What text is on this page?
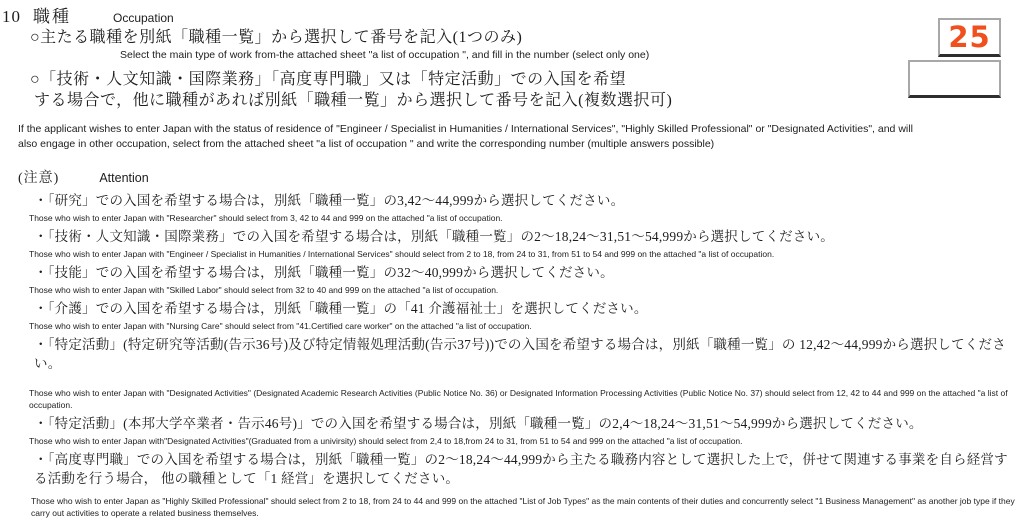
10 職種	Occupation
○主たる職種を別紙「職種一覧」から選択して番号を記入(1つのみ)
Select the main type of work from-the attached sheet "a list of occupation ", and fill in the number (select only one)
○「技術・人文知識・国際業務」「高度専門職」又は「特定活動」での入国を希望
する場合で，他に職種があれば別紙「職種一覧」から選択して番号を記入(複数選択可)
If the applicant wishes to enter Japan with the status of residence of "Engineer / Specialist in Humanities / International Services", "Highly Skilled Professional" or "Designated Activities", and will also engage in other occupation, select from the attached sheet "a list of occupation " and write the corresponding number (multiple answers possible)
(注意)	Attention
・「研究」での入国を希望する場合は，別紙「職種一覧」の3,42〜44,999から選択してください。
Those who wish to enter Japan with "Researcher" should select from 3, 42 to 44 and 999 on the attached "a list of occupation.
・「技術・人文知識・国際業務」での入国を希望する場合は，別紙「職種一覧」の2〜18,24〜31,51〜54,999から選択してください。
Those who wish to enter Japan with "Engineer / Specialist in Humanities / International Services" should select from 2 to 18, from 24 to 31, from 51 to 54 and 999 on the attached "a list of occupation.
・「技能」での入国を希望する場合は，別紙「職種一覧」の32〜40,999から選択してください。
Those who wish to enter Japan with "Skilled Labor" should select from 32 to 40 and 999 on the attached "a list of occupation.
・「介護」での入国を希望する場合は，別紙「職種一覧」の「41 介護福祉士」を選択してください。
Those who wish to enter Japan with "Nursing Care" should select from "41.Certified care worker" on the attached "a list of occupation.
・「特定活動」(特定研究等活動(告示36号)及び特定情報処理活動(告示37号))での入国を希望する場合は，別紙「職種一覧」の 12,42〜44,999から選択してください。
Those who wish to enter Japan with "Designated Activities" (Designated Academic Research Activities (Public Notice No. 36) or Designated Information Processing Activities (Public Notice No. 37) should select from 12, 42 to 44 and 999 on the attached "a list of occupation.
・「特定活動」(本邦大学卒業者・告示46号)」での入国を希望する場合は，別紙「職種一覧」の2,4〜18,24〜31,51〜54,999から選択してください。
Those who wish to enter Japan with"Designated Activities"(Graduated from a univirsity) should select from 2,4 to 18,from 24 to 31, from 51 to 54 and 999 on the attached "a list of occupation.
・「高度専門職」での入国を希望する場合は，別紙「職種一覧」の2〜18,24〜44,999から主たる職務内容として選択した上で，併せて関連する事業を自ら経営する活動を行う場合， 他の職種として「1 経営」を選択してください。
Those who wish to enter Japan as "Highly Skilled Professional" should select from 2 to 18, from 24 to 44 and 999 on the attached "List of Job Types" as the main contents of their duties and concurrently select "1 Business Management" as another job type if they carry out activities to operate a related business themselves.
25
